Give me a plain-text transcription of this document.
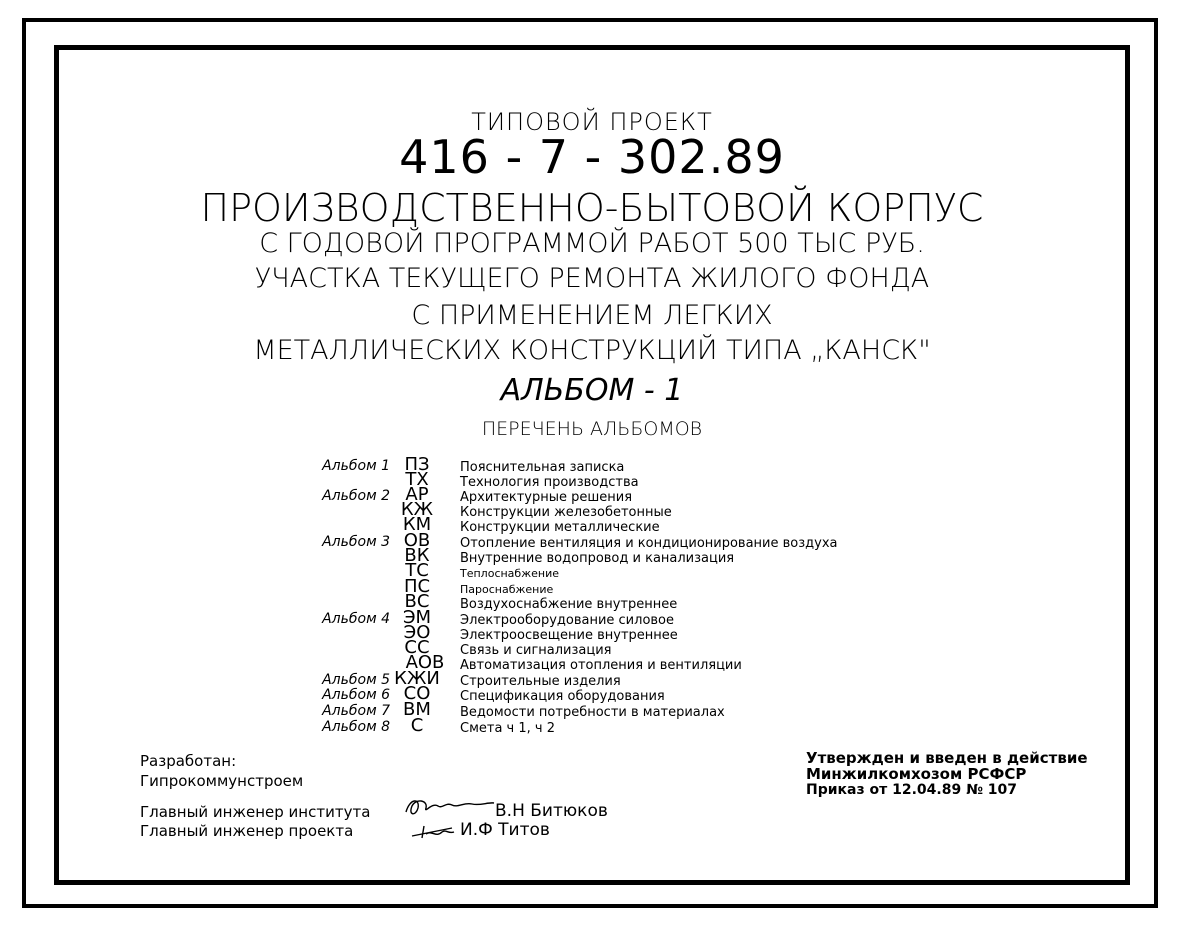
ТИПОВОЙ ПРОЕКТ
416 - 7 - 302.89
ПРОИЗВОДСТВЕННО-БЫТОВОЙ КОРПУС
С ГОДОВОЙ ПРОГРАММОЙ РАБОТ 500 ТЫС РУБ.
УЧАСТКА ТЕКУЩЕГО РЕМОНТА ЖИЛОГО ФОНДА
С ПРИМЕНЕНИЕМ ЛЕГКИХ
МЕТАЛЛИЧЕСКИХ КОНСТРУКЦИЙ ТИПА „КАНСК"
АЛЬБОМ - 1
ПЕРЕЧЕНЬ АЛЬБОМОВ
Альбом 1 ПЗ	Пояснительная записка
ТХ	Технология производства
Альбом 2 АР	Архитектурные решения
КЖ	Конструкции железобетонные
КМ	Конструкции металлические
Альбом 3 ОВ	Отопление вентиляция и кондиционирование воздуха
ВК	Внутренние водопровод и канализация
ТС	Теплоснабжение
ПС	Пароснабжение
ВС	Воздухоснабжение внутреннее
Альбом 4 ЭМ	Электрооборудование силовое
ЭО	Электроосвещение внутреннее
СС	Связь и сигнализация
АОВ	Автоматизация отопления и вентиляции
Альбом 5 КЖИ	Строительные изделия
Альбом 6 СО	Спецификация оборудования
Альбом 7 ВМ	Ведомости потребности в материалах
Альбом 8	С	Смета ч 1, ч 2
Разработан:
Гипрокоммунстроем
Главный инженер института	В.Н Битюков
Главный инженер проекта	И.Ф Титов
Утвержден и введен в действие
Минжилкомхозом РСФСР
Приказ от 12.04.89 № 107
